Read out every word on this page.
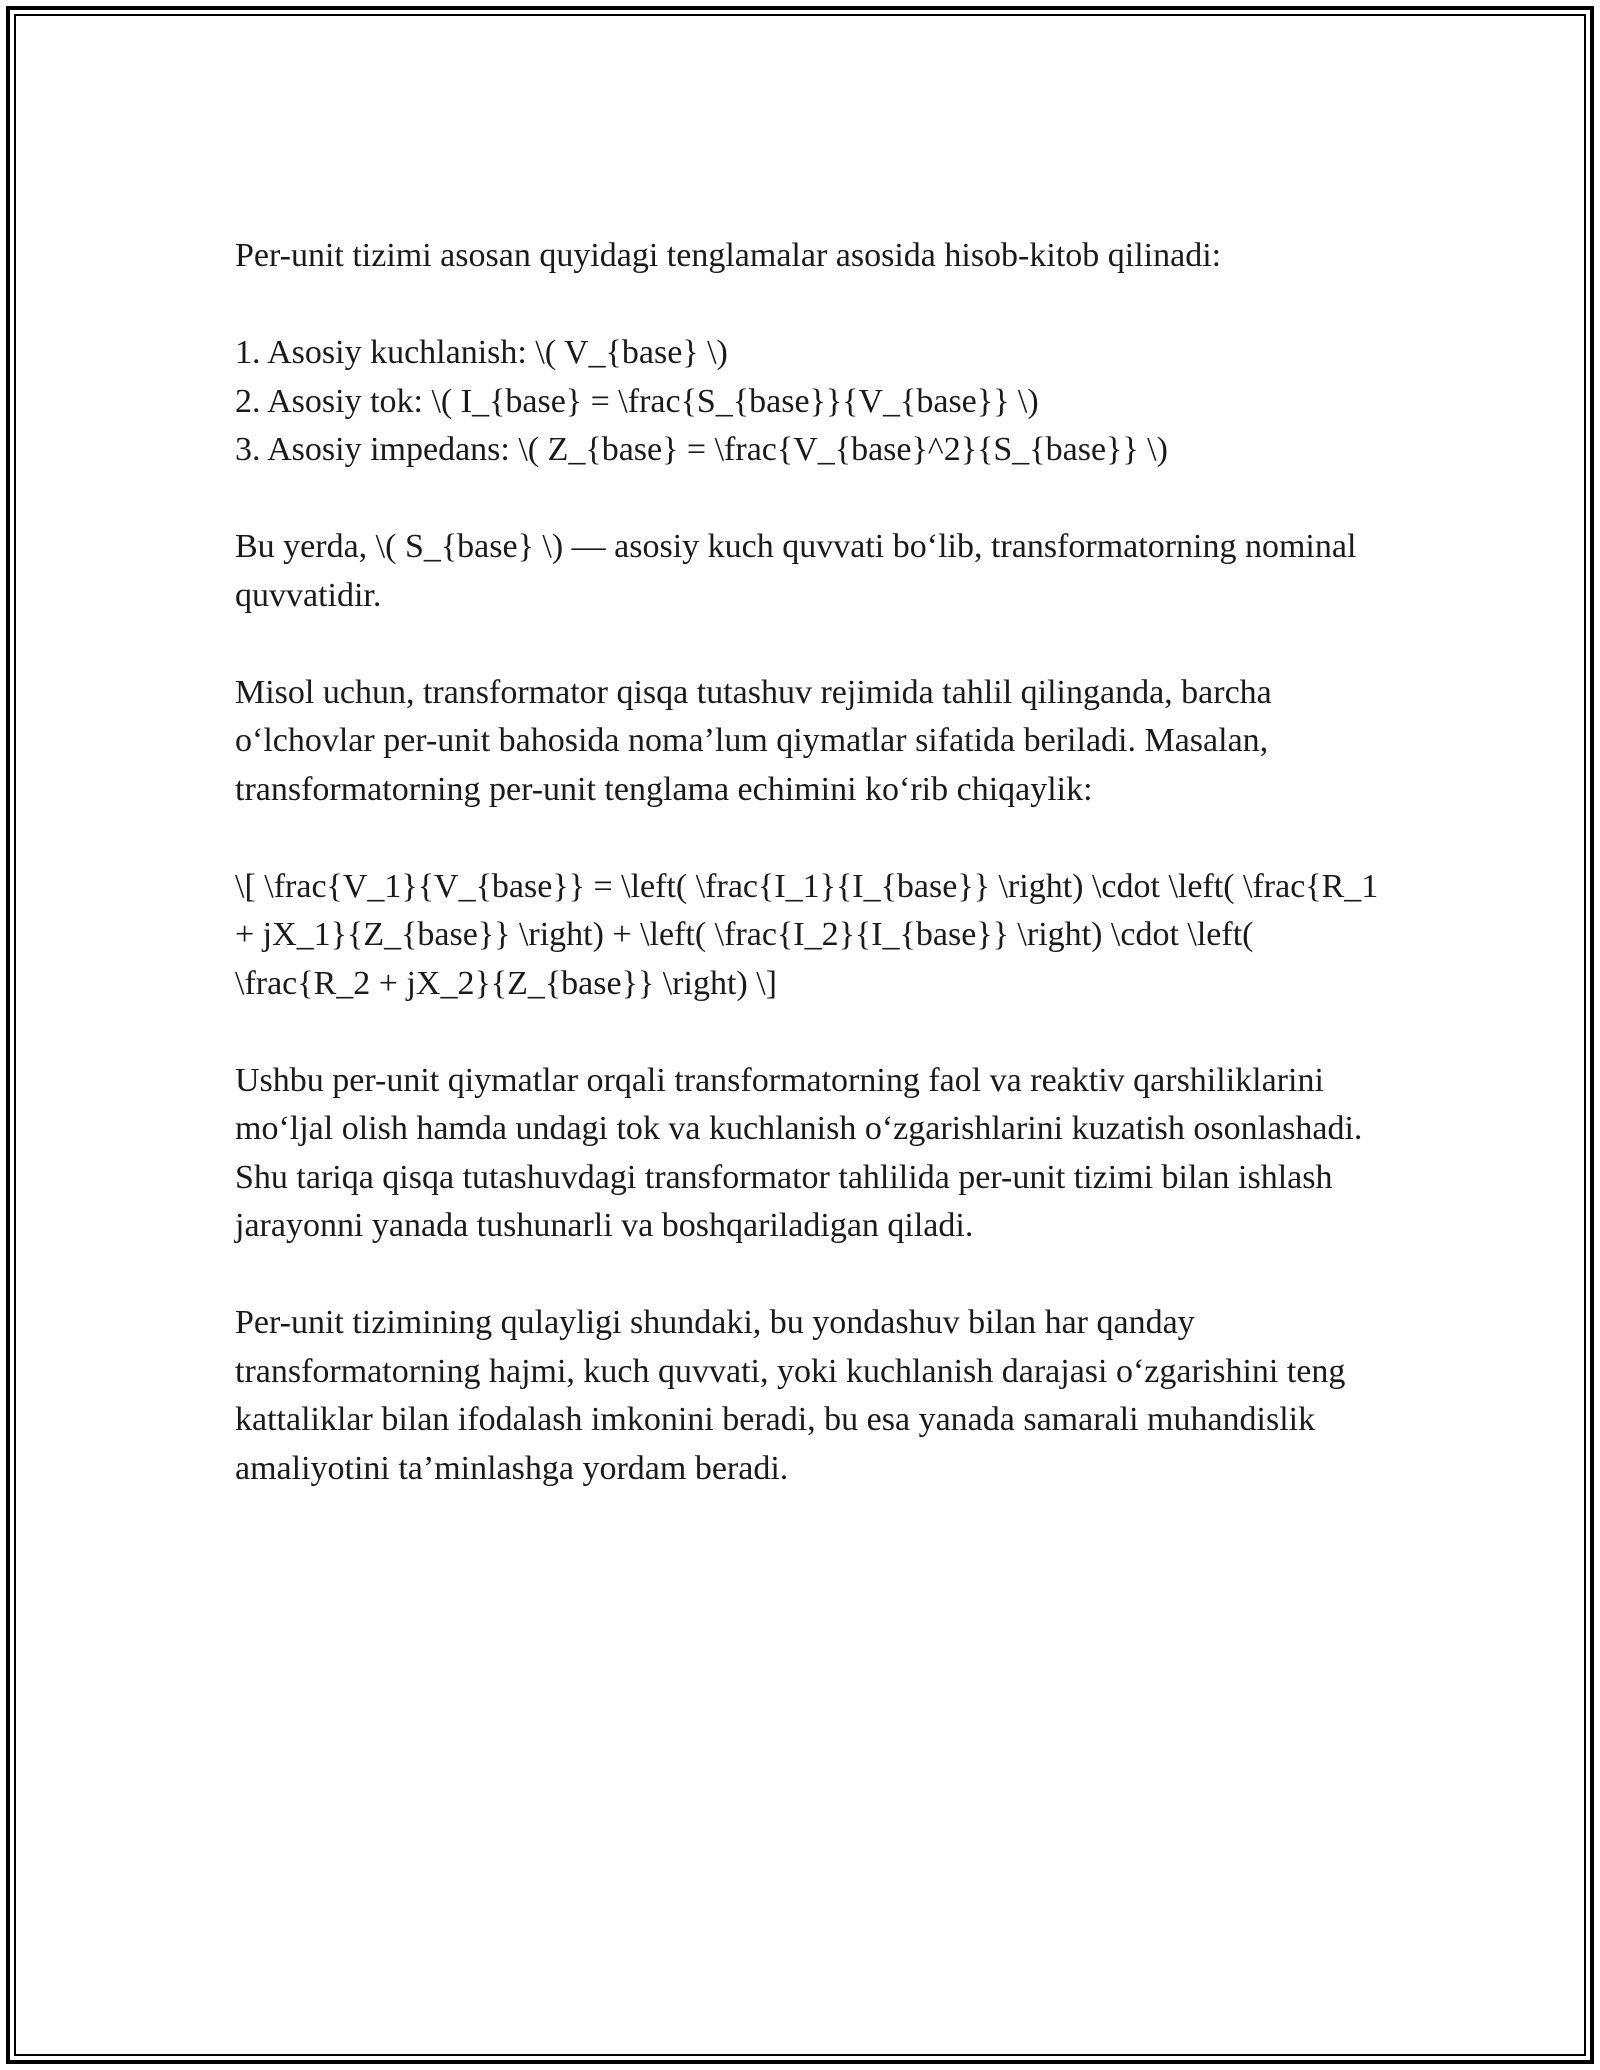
Per-unit tizimi asosan quyidagi tenglamalar asosida hisob-kitob qilinadi:

1. Asosiy kuchlanish: \( V_{base} \)

2. Asosiy tok: \( I_{base} = \frac{S_{base}}{V_{base}} \)

3. Asosiy impedans: \( Z_{base} = \frac{V_{base}^2}{S_{base}} \)

Bu yerda, \( S_{base} \) — asosiy kuch quvvati bo‘lib, transformatorning nominal quvvatidir.

Misol uchun, transformator qisqa tutashuv rejimida tahlil qilinganda, barcha o‘lchovlar per-unit bahosida noma’lum qiymatlar sifatida beriladi. Masalan, transformatorning per-unit tenglama echimini ko‘rib chiqaylik:

\[ \frac{V_1}{V_{base}} = \left( \frac{I_1}{I_{base}} \right) \cdot \left( \frac{R_1 + jX_1}{Z_{base}} \right) + \left( \frac{I_2}{I_{base}} \right) \cdot \left( \frac{R_2 + jX_2}{Z_{base}} \right) \]

Ushbu per-unit qiymatlar orqali transformatorning faol va reaktiv qarshiliklarini mo‘ljal olish hamda undagi tok va kuchlanish o‘zgarishlarini kuzatish osonlashadi. Shu tariqa qisqa tutashuvdagi transformator tahlilida per-unit tizimi bilan ishlash jarayonni yanada tushunarli va boshqariladigan qiladi.

Per-unit tizimining qulayligi shundaki, bu yondashuv bilan har qanday transformatorning hajmi, kuch quvvati, yoki kuchlanish darajasi o‘zgarishini teng kattaliklar bilan ifodalash imkonini beradi, bu esa yanada samarali muhandislik amaliyotini ta’minlashga yordam beradi.
